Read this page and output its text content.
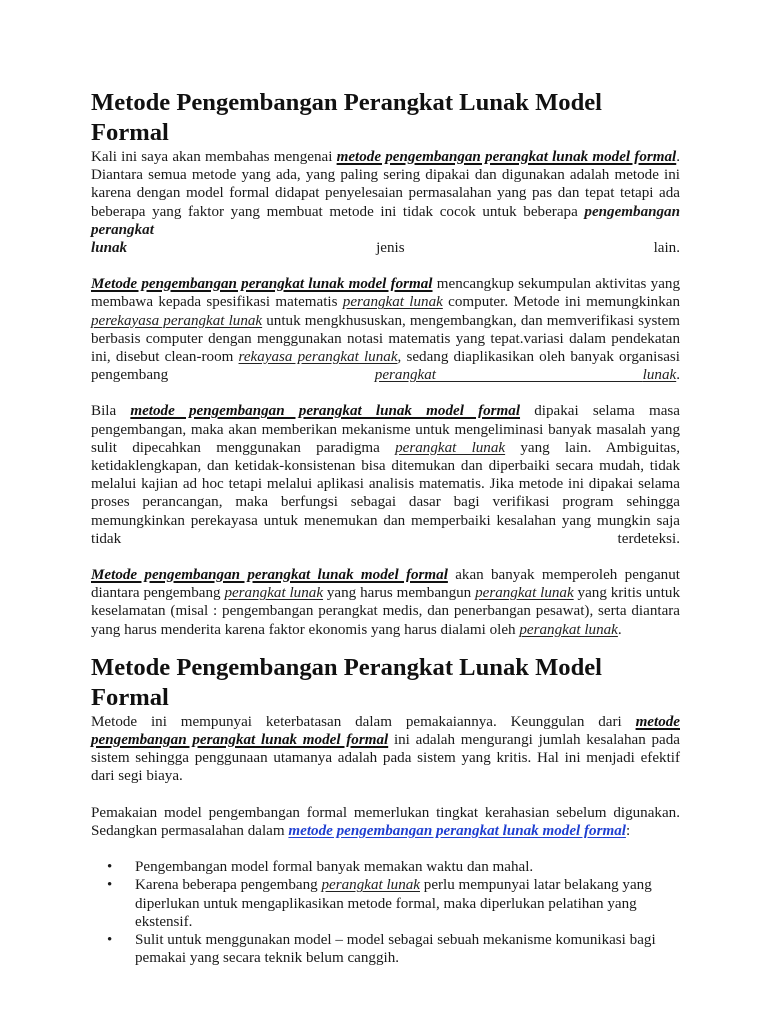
Metode Pengembangan Perangkat Lunak Model Formal

Kali ini saya akan membahas mengenai metode pengembangan perangkat lunak model formal. Diantara semua metode yang ada, yang paling sering dipakai dan digunakan adalah metode ini karena dengan model formal didapat penyelesaian permasalahan yang pas dan tepat tetapi ada beberapa yang faktor yang membuat metode ini tidak cocok untuk beberapa pengembangan perangkat

lunak	jenis	lain.

Metode pengembangan perangkat lunak model formal mencangkup sekumpulan aktivitas yang membawa kepada spesifikasi matematis perangkat lunak computer. Metode ini memungkinkan perekayasa perangkat lunak untuk mengkhususkan, mengembangkan, dan memverifikasi system berbasis computer dengan menggunakan notasi matematis yang tepat.variasi dalam pendekatan ini, disebut clean-room rekayasa perangkat lunak, sedang diaplikasikan oleh banyak organisasi pengembang perangkat	lunak.

Bila metode pengembangan perangkat lunak model formal dipakai selama masa pengembangan, maka akan memberikan mekanisme untuk mengeliminasi banyak masalah yang sulit dipecahkan menggunakan paradigma perangkat lunak yang lain. Ambiguitas, ketidaklengkapan, dan ketidak-konsistenan bisa ditemukan dan diperbaiki secara mudah, tidak melalui kajian ad hoc tetapi melalui aplikasi analisis matematis. Jika metode ini dipakai selama proses perancangan, maka berfungsi sebagai dasar bagi verifikasi program sehingga memungkinkan perekayasa untuk menemukan dan memperbaiki kesalahan yang mungkin saja tidak terdeteksi.

Metode pengembangan perangkat lunak model formal akan banyak memperoleh penganut diantara pengembang perangkat lunak yang harus membangun perangkat lunak yang kritis untuk keselamatan (misal : pengembangan perangkat medis, dan penerbangan pesawat), serta diantara yang harus menderita karena faktor ekonomis yang harus dialami oleh perangkat lunak.

Metode Pengembangan Perangkat Lunak Model Formal

Metode ini mempunyai keterbatasan dalam pemakaiannya. Keunggulan dari metode pengembangan perangkat lunak model formal ini adalah mengurangi jumlah kesalahan pada sistem sehingga penggunaan utamanya adalah pada sistem yang kritis. Hal ini menjadi efektif dari segi biaya.

Pemakaian model pengembangan formal memerlukan tingkat kerahasian sebelum digunakan. Sedangkan permasalahan dalam metode pengembangan perangkat lunak model formal:

• Pengembangan model formal banyak memakan waktu dan mahal.
• Karena beberapa pengembang perangkat lunak perlu mempunyai latar belakang yang diperlukan untuk mengaplikasikan metode formal, maka diperlukan pelatihan yang ekstensif.
• Sulit untuk menggunakan model – model sebagai sebuah mekanisme komunikasi bagi pemakai yang secara teknik belum canggih.
